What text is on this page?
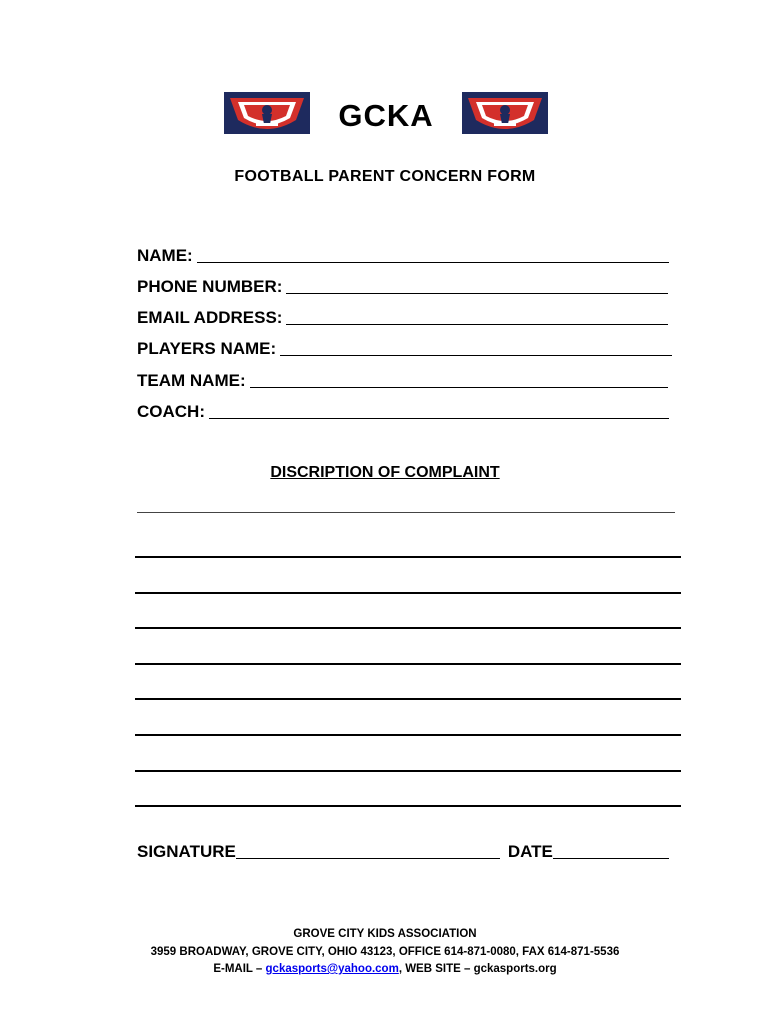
GCKA
FOOTBALL PARENT CONCERN FORM
NAME:
PHONE NUMBER:
EMAIL ADDRESS:
PLAYERS NAME:
TEAM NAME:
COACH:
DISCRIPTION OF COMPLAINT
SIGNATURE	DATE
GROVE CITY KIDS ASSOCIATION
3959 BROADWAY, GROVE CITY, OHIO 43123, OFFICE 614-871-0080, FAX 614-871-5536
E-MAIL – gckasports@yahoo.com, WEB SITE – gckasports.org
